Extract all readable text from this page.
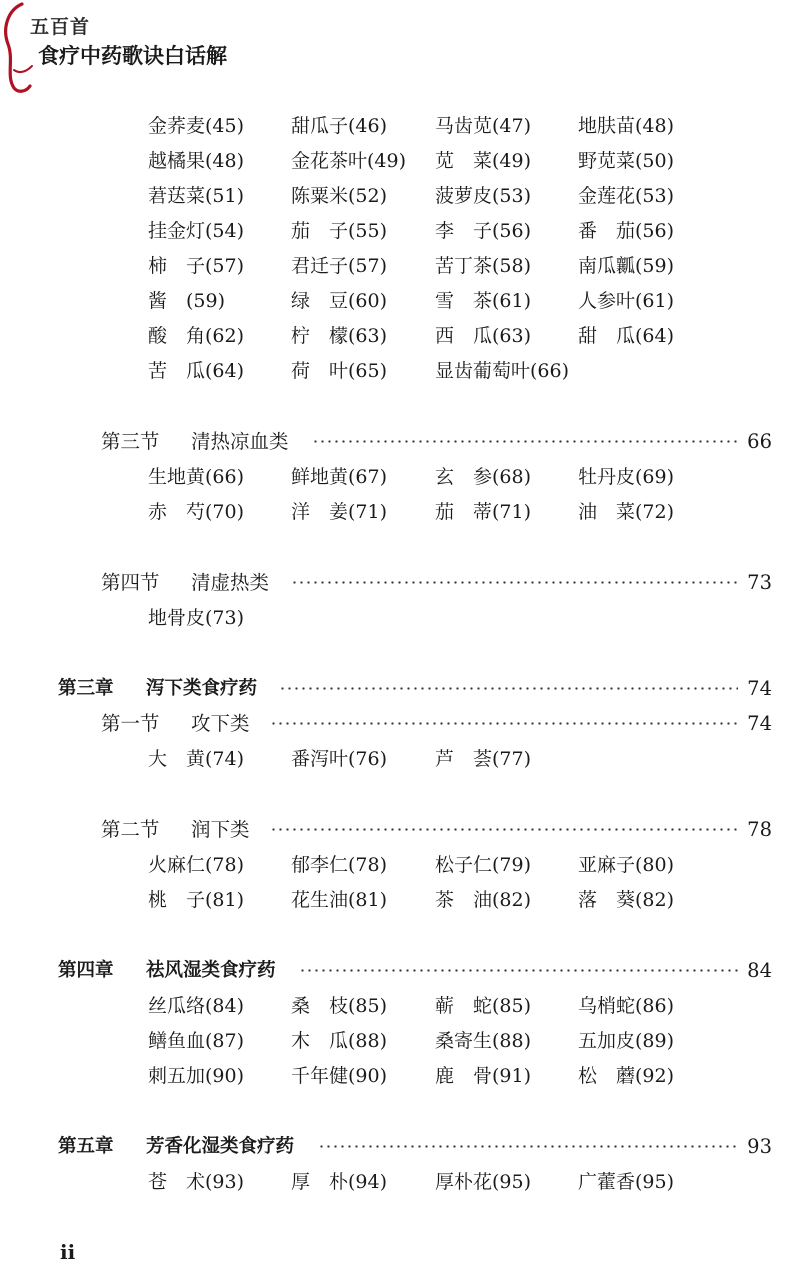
五百首
食疗中药歌诀白话解
金荞麦(45) 甜瓜子(46)	马齿苋(47) 地肤苗(48)
越橘果(48) 金花茶叶(49) 苋　菜(49) 野苋菜(50)
莙荙菜(51) 陈粟米(52)	菠萝皮(53) 金莲花(53)
挂金灯(54) 茄　子(55)	李　子(56) 番　茄(56)
柿　子(57) 君迁子(57)	苦丁茶(58) 南瓜瓤(59)
酱　(59)	绿　豆(60)	雪　茶(61) 人参叶(61)
酸　角(62) 柠　檬(63)	西　瓜(63) 甜　瓜(64)
苦　瓜(64) 荷　叶(65)	显齿葡萄叶(66)
第三节 清热凉血类	66
生地黄(66) 鲜地黄(67)	玄　参(68) 牡丹皮(69)
赤　芍(70) 洋　姜(71)	茄　蒂(71) 油　菜(72)
第四节 清虚热类	73
地骨皮(73)
第三章 泻下类食疗药	74
第一节 攻下类	74
大　黄(74) 番泻叶(76)	芦　荟(77)
第二节 润下类	78
火麻仁(78) 郁李仁(78)	松子仁(79) 亚麻子(80)
桃　子(81) 花生油(81)	茶　油(82) 落　葵(82)
第四章 祛风湿类食疗药	84
丝瓜络(84) 桑　枝(85)	蕲　蛇(85) 乌梢蛇(86)
鳝鱼血(87) 木　瓜(88)	桑寄生(88) 五加皮(89)
刺五加(90) 千年健(90)	鹿　骨(91) 松　蘑(92)
第五章 芳香化湿类食疗药	93
苍　术(93) 厚　朴(94)	厚朴花(95) 广藿香(95)
ii
